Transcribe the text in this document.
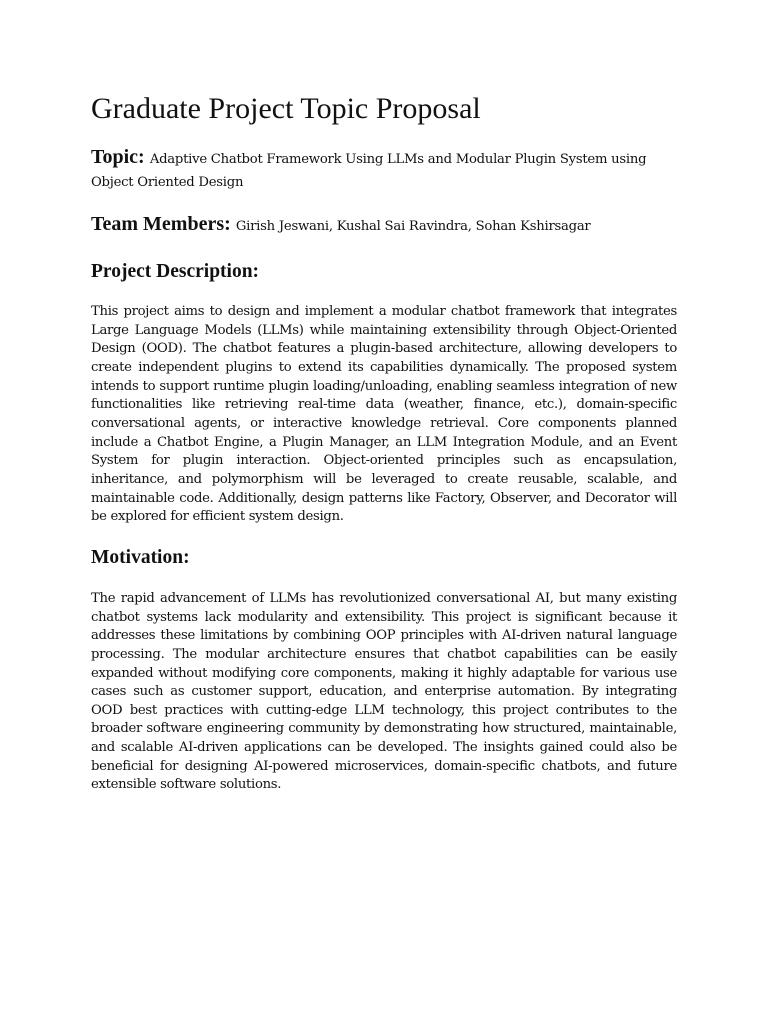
Graduate Project Topic Proposal
Topic: Adaptive Chatbot Framework Using LLMs and Modular Plugin System using Object Oriented Design
Team Members: Girish Jeswani, Kushal Sai Ravindra, Sohan Kshirsagar
Project Description:

This project aims to design and implement a modular chatbot framework that integrates Large Language Models (LLMs) while maintaining extensibility through Object-Oriented Design (OOD). The chatbot features a plugin-based architecture, allowing developers to create independent plugins to extend its capabilities dynamically. The proposed system intends to support runtime plugin loading/unloading, enabling seamless integration of new functionalities like retrieving real-time data (weather, finance, etc.), domain-specific conversational agents, or interactive knowledge retrieval. Core components planned include a Chatbot Engine, a Plugin Manager, an LLM Integration Module, and an Event System for plugin interaction. Object-oriented principles such as encapsulation, inheritance, and polymorphism will be leveraged to create reusable, scalable, and maintainable code. Additionally, design patterns like Factory, Observer, and Decorator will be explored for efficient system design.

Motivation:

The rapid advancement of LLMs has revolutionized conversational AI, but many existing chatbot systems lack modularity and extensibility. This project is significant because it addresses these limitations by combining OOP principles with AI-driven natural language processing. The modular architecture ensures that chatbot capabilities can be easily expanded without modifying core components, making it highly adaptable for various use cases such as customer support, education, and enterprise automation. By integrating OOD best practices with cutting-edge LLM technology, this project contributes to the broader software engineering community by demonstrating how structured, maintainable, and scalable AI-driven applications can be developed. The insights gained could also be beneficial for designing AI-powered microservices, domain-specific chatbots, and future extensible software solutions.
